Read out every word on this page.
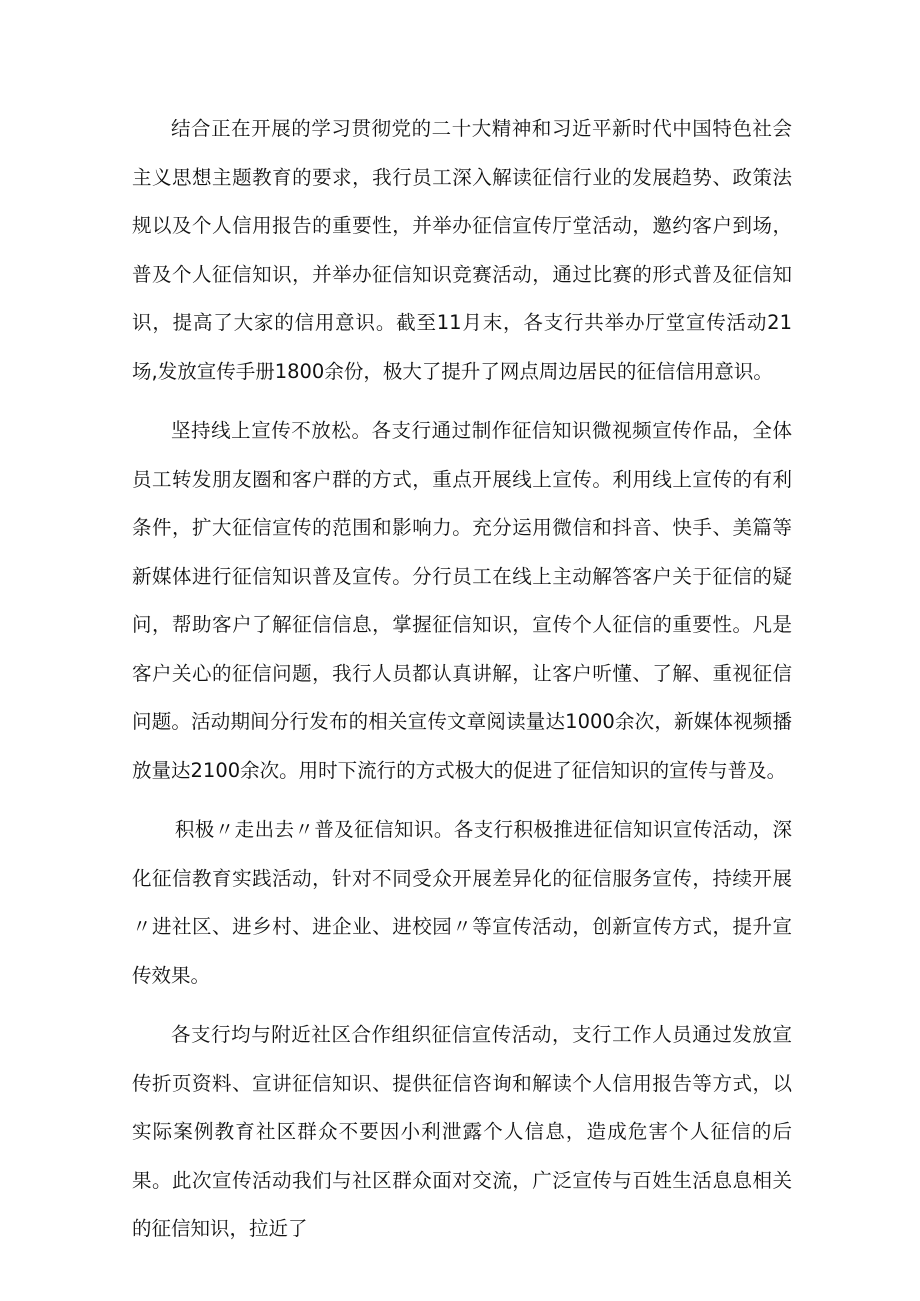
结合正在开展的学习贯彻党的二十大精神和习近平新时代中国特色社会主义思想主题教育的要求，我行员工深入解读征信行业的发展趋势、政策法规以及个人信用报告的重要性，并举办征信宣传厅堂活动，邀约客户到场，普及个人征信知识，并举办征信知识竞赛活动，通过比赛的形式普及征信知识，提高了大家的信用意识。截至11月末，各支行共举办厅堂宣传活动21场,发放宣传手册1800余份，极大了提升了网点周边居民的征信信用意识。

坚持线上宣传不放松。各支行通过制作征信知识微视频宣传作品，全体员工转发朋友圈和客户群的方式，重点开展线上宣传。利用线上宣传的有利条件，扩大征信宣传的范围和影响力。充分运用微信和抖音、快手、美篇等新媒体进行征信知识普及宣传。分行员工在线上主动解答客户关于征信的疑问，帮助客户了解征信信息，掌握征信知识，宣传个人征信的重要性。凡是客户关心的征信问题，我行人员都认真讲解，让客户听懂、了解、重视征信问题。活动期间分行发布的相关宣传文章阅读量达1000余次，新媒体视频播放量达2100余次。用时下流行的方式极大的促进了征信知识的宣传与普及。

积极〃走出去〃普及征信知识。各支行积极推进征信知识宣传活动，深化征信教育实践活动，针对不同受众开展差异化的征信服务宣传，持续开展〃进社区、进乡村、进企业、进校园〃等宣传活动，创新宣传方式，提升宣传效果。

各支行均与附近社区合作组织征信宣传活动，支行工作人员通过发放宣传折页资料、宣讲征信知识、提供征信咨询和解读个人信用报告等方式，以实际案例教育社区群众不要因小利泄露个人信息，造成危害个人征信的后果。此次宣传活动我们与社区群众面对交流，广泛宣传与百姓生活息息相关的征信知识，拉近了
